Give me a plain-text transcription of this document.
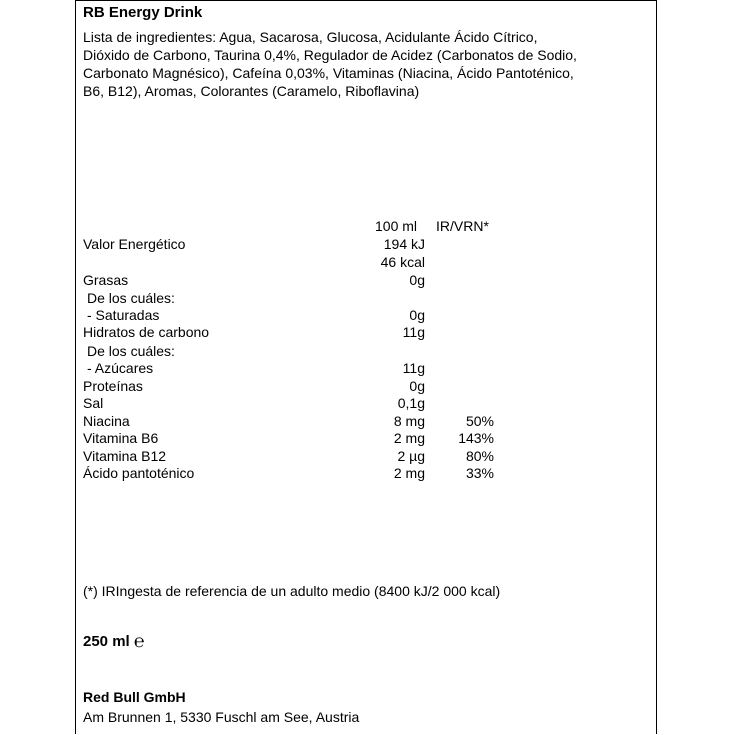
RB Energy Drink
Lista de ingredientes: Agua, Sacarosa, Glucosa, Acidulante Ácido Cítrico,
Dióxido de Carbono, Taurina 0,4%, Regulador de Acidez (Carbonatos de Sodio,
Carbonato Magnésico), Cafeína 0,03%, Vitaminas (Niacina, Ácido Pantoténico,
B6, B12), Aromas, Colorantes (Caramelo, Riboflavina)
100 ml IR/VRN*
Valor Energético	194 kJ
46 kcal
Grasas	0g
De los cuáles:
- Saturadas	0g
Hidratos de carbono	11g
De los cuáles:
- Azúcares	11g
Proteínas	0g
Sal	0,1g
Niacina	8 mg	50%
Vitamina B6	2 mg 143%
Vitamina B12	2 µg	80%
Ácido pantoténico	2 mg	33%
(*) IRIngesta de referencia de un adulto medio (8400 kJ/2 000 kcal)
250 ml ℮
Red Bull GmbH
Am Brunnen 1, 5330 Fuschl am See, Austria
